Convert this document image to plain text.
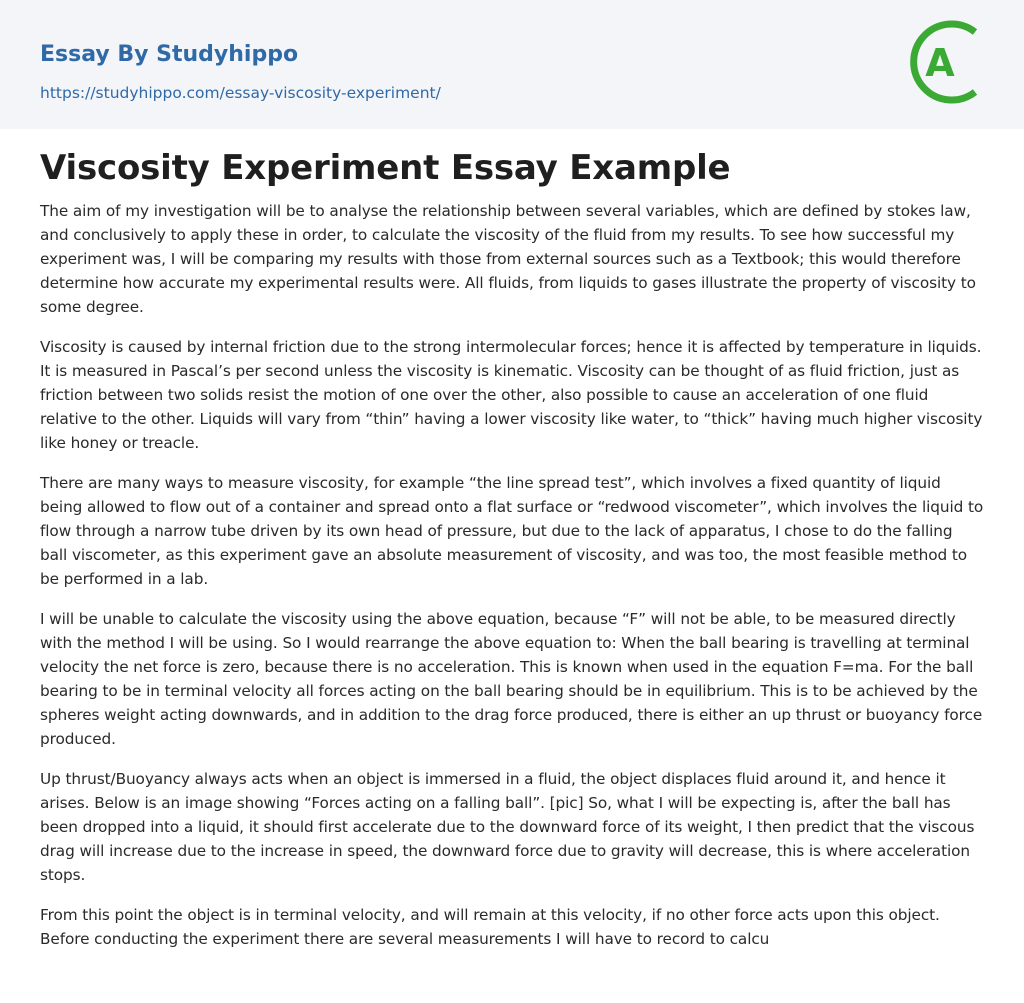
Essay By Studyhippo
https://studyhippo.com/essay-viscosity-experiment/
A
Viscosity Experiment Essay Example

The aim of my investigation will be to analyse the relationship between several variables, which are defined by stokes law, and conclusively to apply these in order, to calculate the viscosity of the fluid from my results. To see how successful my experiment was, I will be comparing my results with those from external sources such as a Textbook; this would therefore determine how accurate my experimental results were. All fluids, from liquids to gases illustrate the property of viscosity to some degree.

Viscosity is caused by internal friction due to the strong intermolecular forces; hence it is affected by temperature in liquids. It is measured in Pascal’s per second unless the viscosity is kinematic. Viscosity can be thought of as fluid friction, just as friction between two solids resist the motion of one over the other, also possible to cause an acceleration of one fluid relative to the other. Liquids will vary from “thin” having a lower viscosity like water, to “thick” having much higher viscosity like honey or treacle.

There are many ways to measure viscosity, for example “the line spread test”, which involves a fixed quantity of liquid being allowed to flow out of a container and spread onto a flat surface or “redwood viscometer”, which involves the liquid to flow through a narrow tube driven by its own head of pressure, but due to the lack of apparatus, I chose to do the falling ball viscometer, as this experiment gave an absolute measurement of viscosity, and was too, the most feasible method to be performed in a lab.

I will be unable to calculate the viscosity using the above equation, because “F” will not be able, to be measured directly with the method I will be using. So I would rearrange the above equation to: When the ball bearing is travelling at terminal velocity the net force is zero, because there is no acceleration. This is known when used in the equation F=ma. For the ball bearing to be in terminal velocity all forces acting on the ball bearing should be in equilibrium. This is to be achieved by the spheres weight acting downwards, and in addition to the drag force produced, there is either an up thrust or buoyancy force produced.

Up thrust/Buoyancy always acts when an object is immersed in a fluid, the object displaces fluid around it, and hence it arises. Below is an image showing “Forces acting on a falling ball”. [pic] So, what I will be expecting is, after the ball has been dropped into a liquid, it should first accelerate due to the downward force of its weight, I then predict that the viscous drag will increase due to the increase in speed, the downward force due to gravity will decrease, this is where acceleration stops.

From this point the object is in terminal velocity, and will remain at this velocity, if no other force acts upon this object. Before conducting the experiment there are several measurements I will have to record to calcu
